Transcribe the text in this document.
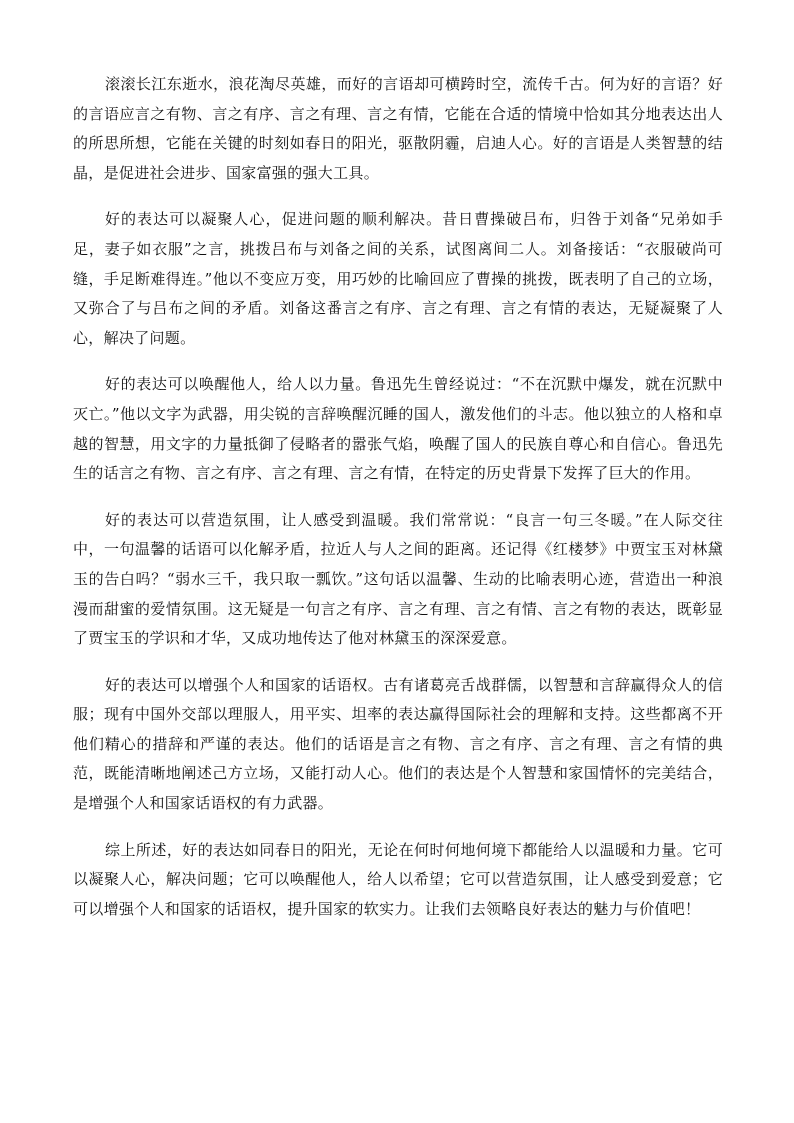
滚滚长江东逝水，浪花淘尽英雄，而好的言语却可横跨时空，流传千古。何为好的言语？好的言语应言之有物、言之有序、言之有理、言之有情，它能在合适的情境中恰如其分地表达出人的所思所想，它能在关键的时刻如春日的阳光，驱散阴霾，启迪人心。好的言语是人类智慧的结晶，是促进社会进步、国家富强的强大工具。

好的表达可以凝聚人心，促进问题的顺利解决。昔日曹操破吕布，归咎于刘备“兄弟如手足，妻子如衣服”之言，挑拨吕布与刘备之间的关系，试图离间二人。刘备接话：“衣服破尚可缝，手足断难得连。”他以不变应万变，用巧妙的比喻回应了曹操的挑拨，既表明了自己的立场，又弥合了与吕布之间的矛盾。刘备这番言之有序、言之有理、言之有情的表达，无疑凝聚了人心，解决了问题。

好的表达可以唤醒他人，给人以力量。鲁迅先生曾经说过：“不在沉默中爆发，就在沉默中灭亡。”他以文字为武器，用尖锐的言辞唤醒沉睡的国人，激发他们的斗志。他以独立的人格和卓越的智慧，用文字的力量抵御了侵略者的嚣张气焰，唤醒了国人的民族自尊心和自信心。鲁迅先生的话言之有物、言之有序、言之有理、言之有情，在特定的历史背景下发挥了巨大的作用。

好的表达可以营造氛围，让人感受到温暖。我们常常说：“良言一句三冬暖。”在人际交往中，一句温馨的话语可以化解矛盾，拉近人与人之间的距离。还记得《红楼梦》中贾宝玉对林黛玉的告白吗？“弱水三千，我只取一瓢饮。”这句话以温馨、生动的比喻表明心迹，营造出一种浪漫而甜蜜的爱情氛围。这无疑是一句言之有序、言之有理、言之有情、言之有物的表达，既彰显了贾宝玉的学识和才华，又成功地传达了他对林黛玉的深深爱意。

好的表达可以增强个人和国家的话语权。古有诸葛亮舌战群儒，以智慧和言辞赢得众人的信服；现有中国外交部以理服人，用平实、坦率的表达赢得国际社会的理解和支持。这些都离不开他们精心的措辞和严谨的表达。他们的话语是言之有物、言之有序、言之有理、言之有情的典范，既能清晰地阐述己方立场，又能打动人心。他们的表达是个人智慧和家国情怀的完美结合，是增强个人和国家话语权的有力武器。

综上所述，好的表达如同春日的阳光，无论在何时何地何境下都能给人以温暖和力量。它可以凝聚人心，解决问题；它可以唤醒他人，给人以希望；它可以营造氛围，让人感受到爱意；它可以增强个人和国家的话语权，提升国家的软实力。让我们去领略良好表达的魅力与价值吧！
